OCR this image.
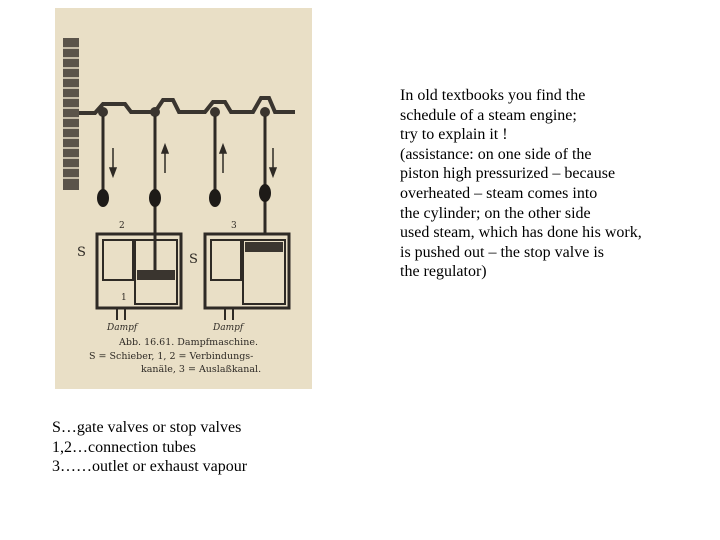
S	S
1
2	3
Dampf	Dampf
Abb. 16.61. Dampfmaschine.
S = Schieber, 1, 2 = Verbindungs-
kanäle, 3 = Auslaßkanal.
In old textbooks you find the
schedule of a steam engine;
try to explain it !
(assistance: on one side of the
piston high pressurized – because
overheated – steam comes into
the cylinder; on the other side
used steam, which has done his work,
is pushed out – the stop valve is
the regulator)
S…gate valves or stop valves
1,2…connection tubes
3……outlet or exhaust vapour
